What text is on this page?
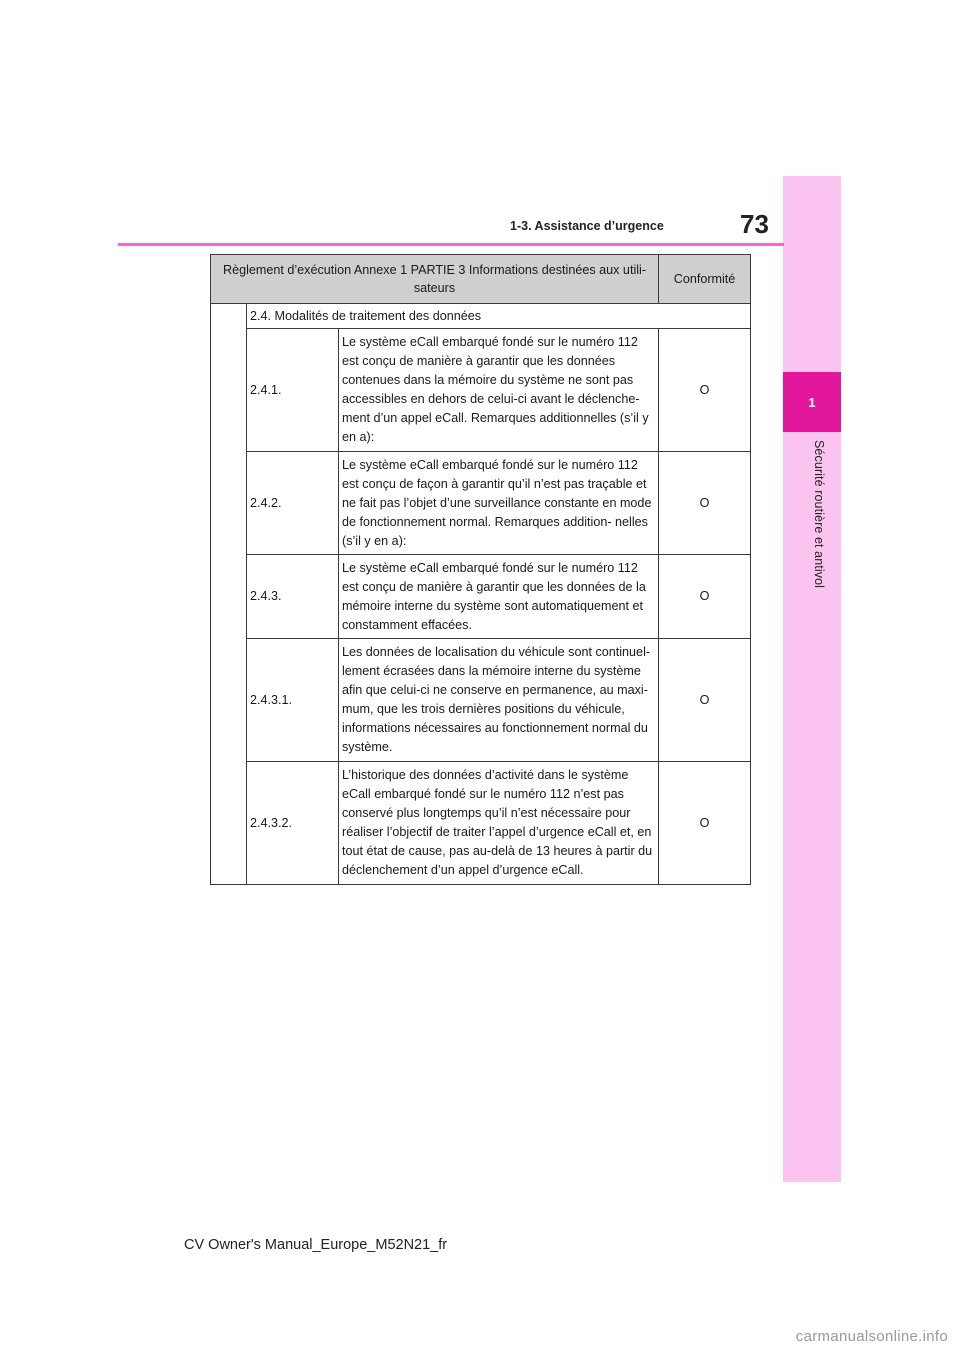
1
Sécurité routière et antivol
73
1-3. Assistance d’urgence
Règlement d’exécution Annexe 1 PARTIE 3 Informations destinées aux utili- sateurs			Conformité
	2.4. Modalités de traitement des données		
	2.4.1.	Le système eCall embarqué fondé sur le numéro 112 est conçu de manière à garantir que les données contenues dans la mémoire du système ne sont pas accessibles en dehors de celui-ci avant le déclenche- ment d’un appel eCall. Remarques additionnelles (s’il y en a):	O
	2.4.2.	Le système eCall embarqué fondé sur le numéro 112 est conçu de façon à garantir qu’il n’est pas traçable et ne fait pas l’objet d’une surveillance constante en mode de fonctionnement normal. Remarques addition- nelles (s’il y en a):	O
	2.4.3.	Le système eCall embarqué fondé sur le numéro 112 est conçu de manière à garantir que les données de la mémoire interne du système sont automatiquement et constamment effacées.	O
	2.4.3.1.	Les données de localisation du véhicule sont continuel- lement écrasées dans la mémoire interne du système afin que celui-ci ne conserve en permanence, au maxi- mum, que les trois dernières positions du véhicule, informations nécessaires au fonctionnement normal du système.	O
	2.4.3.2.	L’historique des données d’activité dans le système eCall embarqué fondé sur le numéro 112 n’est pas conservé plus longtemps qu’il n’est nécessaire pour réaliser l’objectif de traiter l’appel d’urgence eCall et, en tout état de cause, pas au-delà de 13 heures à partir du déclenchement d’un appel d’urgence eCall.	O
CV Owner's Manual_Europe_M52N21_fr
carmanualsonline.info
